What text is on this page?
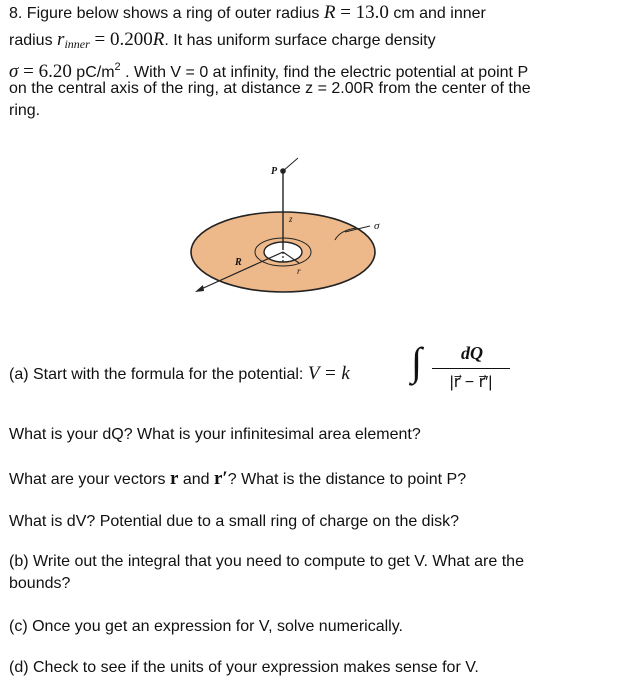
8. Figure below shows a ring of outer radius R = 13.0 cm and inner
radius $r_{inner} = 0.200R$. It has uniform surface charge density
σ = 6.20 $pC/m^2$ . With V = 0 at infinity, find the electric potential at point P
on the central axis of the ring, at distance z = 2.00R from the center of the
ring.
P
z
σ
R
r
(a) Start with the formula for the potential: V = k ∫	dQ
|r⃗ − r⃗′|
What is your dQ? What is your infinitesimal area element?
What are your vectors r and r′? What is the distance to point P?
What is dV? Potential due to a small ring of charge on the disk?
(b) Write out the integral that you need to compute to get V. What are the
bounds?
(c) Once you get an expression for V, solve numerically.
(d) Check to see if the units of your expression makes sense for V.
